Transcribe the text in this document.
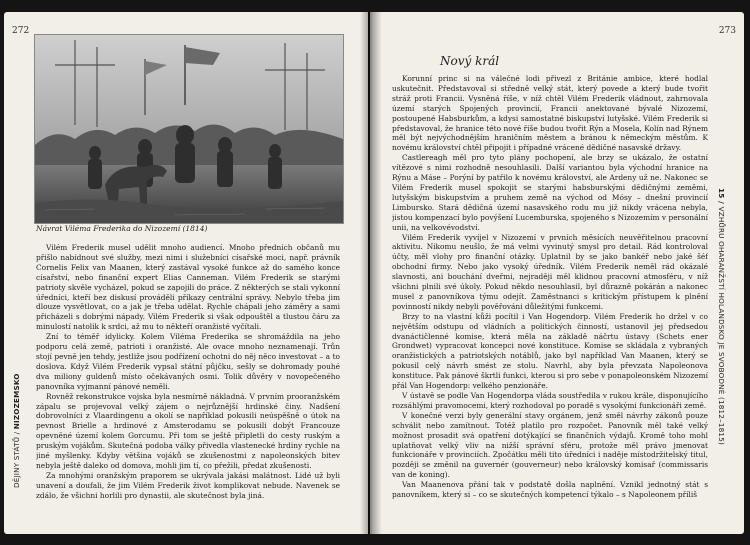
272
Návrat Viléma Frederika do Nizozemí (1814)

Vilém Frederik musel udělit mnoho audiencí. Mnoho předních občanů mu přišlo nabídnout své služby, mezi nimi i služebníci císařské moci, např. právník Cornelis Felix van Maanen, který zastával vysoké funkce až do samého konce císařství, nebo finanční expert Elias Canneman. Vilém Frederik se starými patrioty skvěle vycházel, pokud se zapojili do práce. Z některých se stali vykonní úředníci, kteří bez diskusí prováděli příkazy centrální správy. Nebylo třeba jim dlouze vysvětlovat, co a jak je třeba udělat. Rychle chápali jeho záměry a sami přicházeli s dobrými nápady. Vilém Frederik si však odpouštěl a tlustou čáru za minulostí natolik k srdci, až mu to někteří oranžisté vyčítali.

Zní to téměř idylicky. Kolem Viléma Frederika se shromáždila na jeho podporu celá země, patrioti i oranžisté. Ale ovace mnoho neznamenají. Trůn stojí pevně jen tehdy, jestliže jsou podřízení ochotni do něj něco investovat – a to doslova. Když Vilém Frederik vypsal státní půjčku, sešly se dohromady pouhé dva miliony guldenů místo očekávaných osmi. Tolik důvěry v novopečeného panovníka vyjmanní pánové neměli.

Rovněž rekonstrukce vojska byla nesmírně nákladná. V prvním prooranžském zápalu se projevoval velký zájem o nejrůznější hrdinské činy. Nadšení dobrovolníci z Vlaardingenu a okolí se například pokusili neúspěšně o útok na pevnost Brielle a hrdinové z Amsterodamu se pokusili dobýt Francouze opevněné území kolem Gorcumu. Při tom se ještě připletli do cesty ruským a pruským vojákům. Skutečná podoba války přivedla vlastenecké hrdiny rychle na jiné myšlenky. Kdyby většina vojáků se zkušenostmi z napoleonských bitev nebyla ještě daleko od domova, mohli jim tí, co přežili, předat zkušenosti.

Za mnohými oranžským praporem se ukrývala jakási malátnost. Lidé už byli unavení a doufali, že jim Vilém Frederik život komplikovat nebude. Navenek se zdálo, že všichni horlili pro dynastii, ale skutečnost byla jiná.

DĚJINY STÁTŮ / NIZOZEMSKO
273
Nový král

Korunní princ si na válečné lodi přivezl z Británie ambice, které hodlal uskutečnit. Představoval si středně velký stát, který povede a který bude tvořit stráž proti Francii. Vysněná říše, v níž chtěl Vilém Frederik vládnout, zahrnovala území starých Spojených provincií, Francii anektované bývalé Nizozemí, postoupené Habsburkům, a kdysi samostatné biskupství lutyšské. Vilém Frederik si představoval, že hranice této nové říše budou tvořit Rýn a Mosela, Kolín nad Rýnem měl být nejvýchodnějším hraničním městem a bránou k německým městům. K novému království chtěl připojit i případné vrácené dědičné nasavské državy.

Castlereagh měl pro tyto plány pochopení, ale brzy se ukázalo, že ostatní vítězové s nimi rozhodně nesouhlasili. Další variantou byla východní hranice na Rýnu a Máse – Porýní by patřilo k novému království, ale Ardeny už ne. Nakonec se Vilém Frederik musel spokojit se starými habsburskými dědičnými zeměmi, lutyšským biskupstvím a pruhem země na východ od Mósy – dnešní provincií Limbursko. Stará dědičná území nasavského rodu mu již nikdy vrácena nebyla, jistou kompenzací bylo povýšení Lucemburska, spojeného s Nizozemím v personální unii, na velkovévodství.

Vilém Frederik vyvíjel v Nizozemí v prvních měsících neuvěřitelnou pracovní aktivitu. Nikomu neušlo, že má velmi vyvinutý smysl pro detail. Rád kontroloval účty, měl vlohy pro finanční otázky. Uplatnil by se jako bankéř nebo jaké šéf obchodní firmy. Nebo jako vysoký úředník. Vilém Frederik neměl rád okázalé slavnosti, ani bouchání dveřmi, nejraději měl klidnou pracovní atmosféru, v níž všichni plnili své úkoly. Pokud někdo nesouhlasil, byl důrazně pokárán a nakonec musel z panovníkova týmu odejít. Zaměstnanci s kritickým přístupem k plnění povinností nikdy nebyli pověřováni důležitými funkcemi.

Brzy to na vlastní kůži pocítil i Van Hogendorp. Vilém Frederik ho držel v co největším odstupu od vládních a politických činností, ustanovil jej předsedou dvanáctičlenné komise, která měla na základě náčrtu ústavy (Schets ener Grondwet) vypracovat koncepci nové konstituce. Komise se skládala z vybraných oranžistických a patriotských notáblů, jako byl například Van Maanen, který se pokusil celý návrh smést ze stolu. Navrhl, aby byla převzata Napoleonova konstituce. Pak pánové škrtli funkci, kterou si pro sebe v ponapoleonském Nizozemí přál Van Hogendorp: velkého penzionáře.

V ústavě se podle Van Hogendorpa vláda soustředila v rukou krále, disponujícího rozsáhlými pravomocemi, který rozhodoval po poradě s vysokými funkcionáři země.

V konečné verzi byly generální stavy orgánem, jenž směl návrhy zákonů pouze schválit nebo zamítnout. Totéž platilo pro rozpočet. Panovník měl také velký možnost prosadit svá opatření dotýkající se finančních výdajů. Kromě toho mohl uplatňovat velký vliv na nižší správní sféru, protože měl právo jmenovat funkcionáře v provinciích. Zpočátku měli tito úředníci i naděje místodržitelský titul, později se změnil na guvernér (gouverneur) nebo královský komisař (commissaris van de koning).

Van Maanenova přání tak v podstatě došla naplnění. Vznikl jednotný stát s panovníkem, který si – co se skutečných kompetencí týkalo – s Napoleonem příliš

15 / VZHŮRU OHARANŽSTÍ HOLANDSKO JE SVOBODNÉ (1812–1815)
